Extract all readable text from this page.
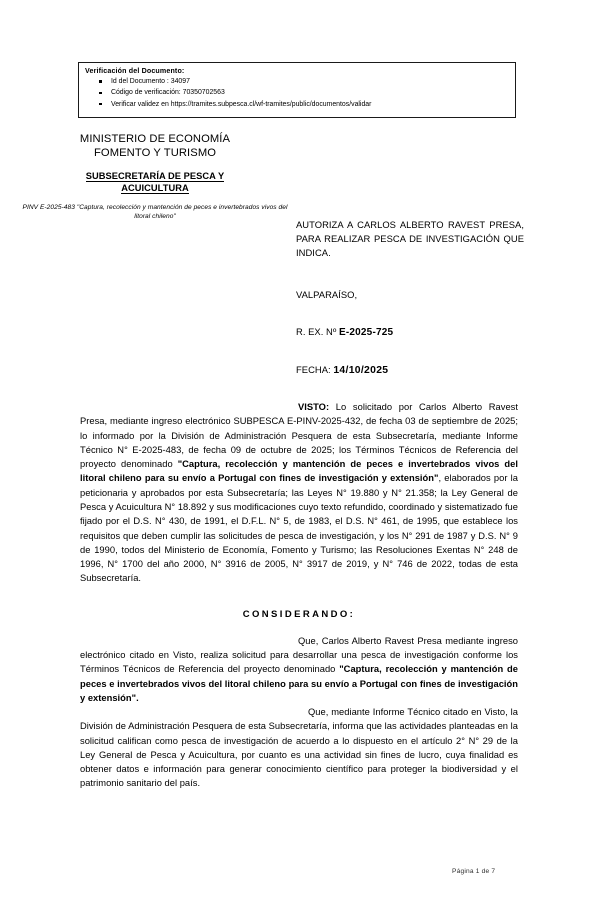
Verificación del Documento:
Id del Documento : 34097
Código de verificación: 70350702563
Verificar validez en https://tramites.subpesca.cl/wf-tramites/public/documentos/validar
MINISTERIO DE ECONOMÍA
FOMENTO Y TURISMO
SUBSECRETARÍA DE PESCA Y
ACUICULTURA
PINV E-2025-483 "Captura, recolección y mantención de peces e invertebrados vivos del litoral chileno"
AUTORIZA A CARLOS ALBERTO RAVEST PRESA, PARA REALIZAR PESCA DE INVESTIGACIÓN QUE INDICA.
VALPARAÍSO,
R. EX. Nº E-2025-725
FECHA: 14/10/2025

VISTO: Lo solicitado por Carlos Alberto Ravest Presa, mediante ingreso electrónico SUBPESCA E-PINV-2025-432, de fecha 03 de septiembre de 2025; lo informado por la División de Administración Pesquera de esta Subsecretaría, mediante Informe Técnico N° E-2025-483, de fecha 09 de octubre de 2025; los Términos Técnicos de Referencia del proyecto denominado "Captura, recolección y mantención de peces e invertebrados vivos del litoral chileno para su envío a Portugal con fines de investigación y extensión", elaborados por la peticionaria y aprobados por esta Subsecretaría; las Leyes N° 19.880 y N° 21.358; la Ley General de Pesca y Acuicultura N° 18.892 y sus modificaciones cuyo texto refundido, coordinado y sistematizado fue fijado por el D.S. N° 430, de 1991, el D.F.L. N° 5, de 1983, el D.S. N° 461, de 1995, que establece los requisitos que deben cumplir las solicitudes de pesca de investigación, y los N° 291 de 1987 y D.S. N° 9 de 1990, todos del Ministerio de Economía, Fomento y Turismo; las Resoluciones Exentas N° 248 de 1996, N° 1700 del año 2000, N° 3916 de 2005, N° 3917 de 2019, y N° 746 de 2022, todas de esta Subsecretaría.

CONSIDERANDO:

Que, Carlos Alberto Ravest Presa mediante ingreso electrónico citado en Visto, realiza solicitud para desarrollar una pesca de investigación conforme los Términos Técnicos de Referencia del proyecto denominado "Captura, recolección y mantención de peces e invertebrados vivos del litoral chileno para su envío a Portugal con fines de investigación y extensión".

Que, mediante Informe Técnico citado en Visto, la División de Administración Pesquera de esta Subsecretaría, informa que las actividades planteadas en la solicitud califican como pesca de investigación de acuerdo a lo dispuesto en el artículo 2° N° 29 de la Ley General de Pesca y Acuicultura, por cuanto es una actividad sin fines de lucro, cuya finalidad es obtener datos e información para generar conocimiento científico para proteger la biodiversidad y el patrimonio sanitario del país.

Página 1 de 7
